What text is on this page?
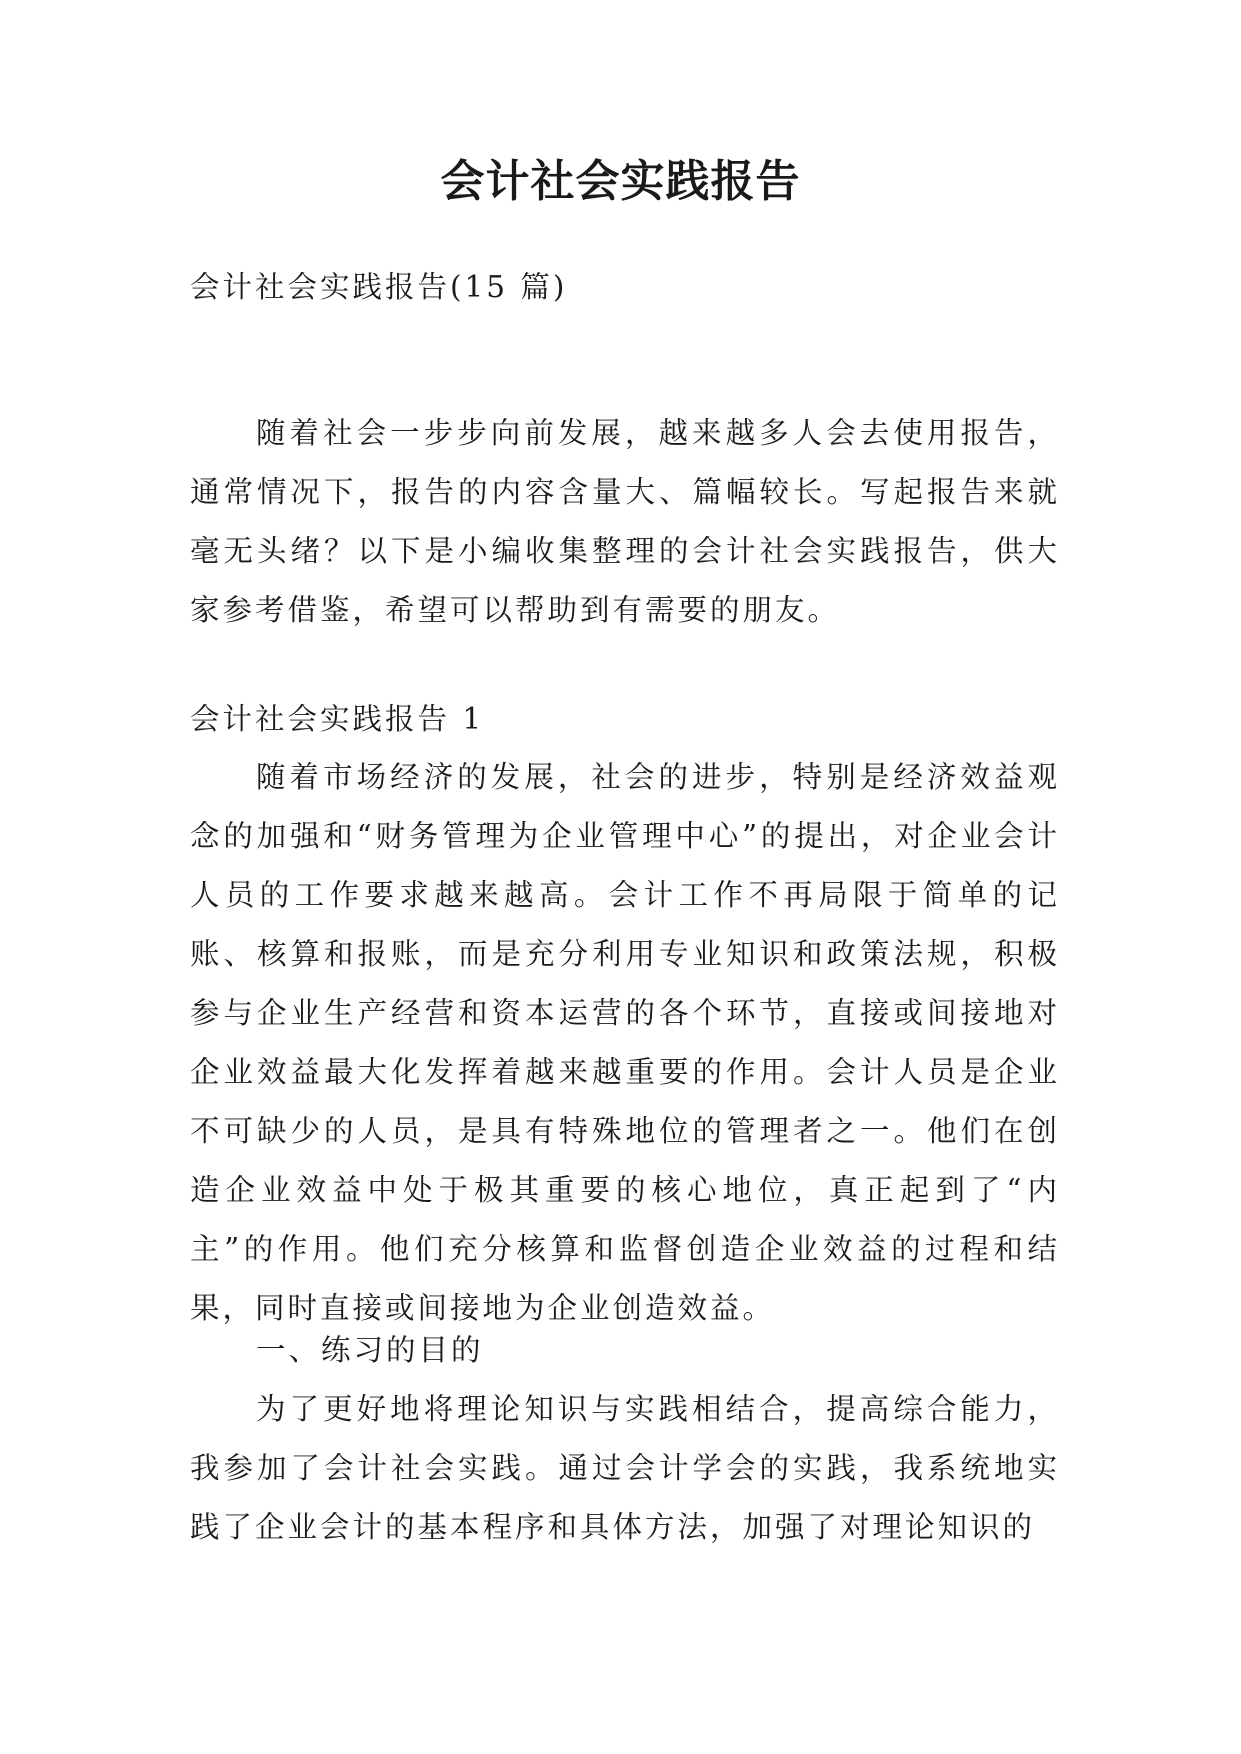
会计社会实践报告

会计社会实践报告(15 篇)

随着社会一步步向前发展，越来越多人会去使用报告，通常情况下，报告的内容含量大、篇幅较长。写起报告来就毫无头绪？以下是小编收集整理的会计社会实践报告，供大家参考借鉴，希望可以帮助到有需要的朋友。

会计社会实践报告 1

随着市场经济的发展，社会的进步，特别是经济效益观念的加强和“财务管理为企业管理中心”的提出，对企业会计人员的工作要求越来越高。会计工作不再局限于简单的记账、核算和报账，而是充分利用专业知识和政策法规，积极参与企业生产经营和资本运营的各个环节，直接或间接地对企业效益最大化发挥着越来越重要的作用。会计人员是企业不可缺少的人员，是具有特殊地位的管理者之一。他们在创造企业效益中处于极其重要的核心地位，真正起到了“内主”的作用。他们充分核算和监督创造企业效益的过程和结果，同时直接或间接地为企业创造效益。

一、练习的目的

为了更好地将理论知识与实践相结合，提高综合能力，我参加了会计社会实践。通过会计学会的实践，我系统地实践了企业会计的基本程序和具体方法，加强了对理论知识的
